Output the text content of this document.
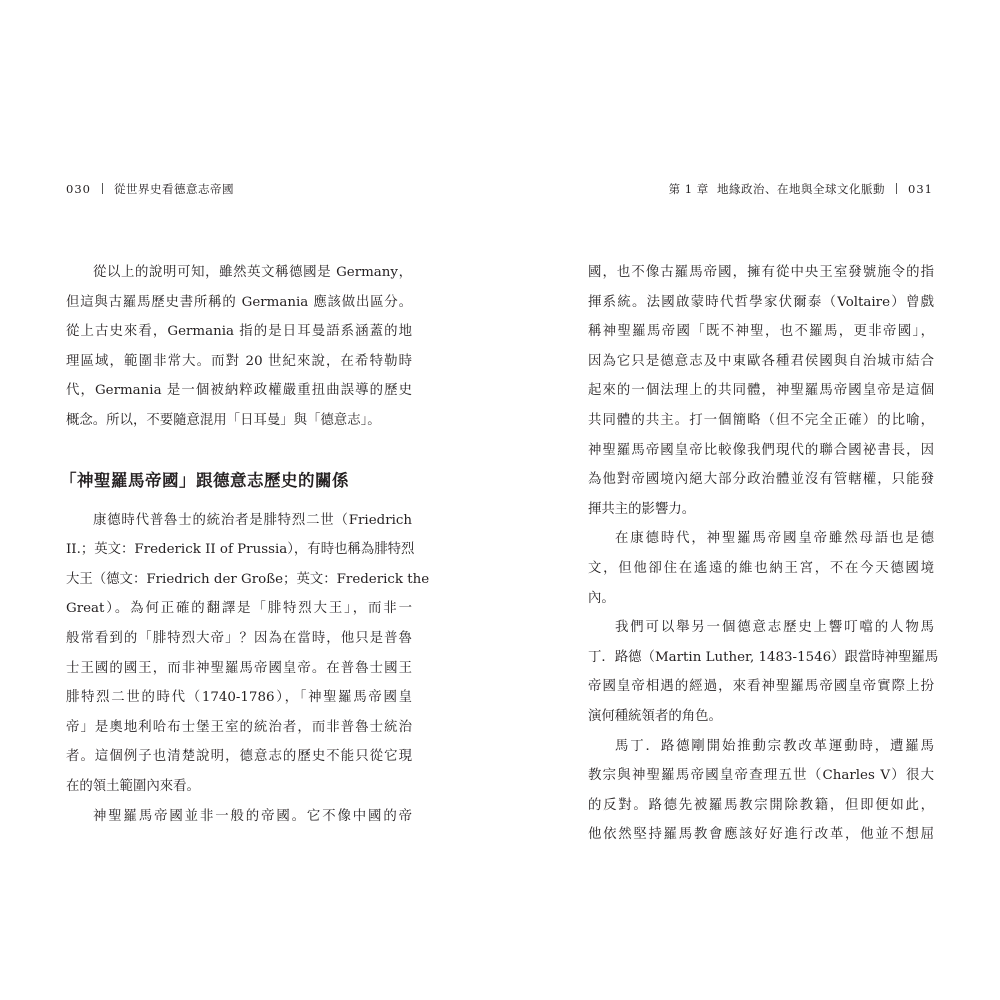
030 從世界史看德意志帝國
從以上的說明可知，雖然英文稱德國是 Germany，
但這與古羅馬歷史書所稱的 Germania 應該做出區分。
從上古史來看，Germania 指的是日耳曼語系涵蓋的地
理區域，範圍非常大。而對 20 世紀來說，在希特勒時
代，Germania 是一個被納粹政權嚴重扭曲誤導的歷史
概念。所以，不要隨意混用「日耳曼」與「德意志」。
「神聖羅馬帝國」跟德意志歷史的關係
康德時代普魯士的統治者是腓特烈二世（Friedrich
II.；英文：Frederick II of Prussia），有時也稱為腓特烈
大王（德文：Friedrich der Große；英文：Frederick the
Great）。為何正確的翻譯是「腓特烈大王」，而非一
般常看到的「腓特烈大帝」？因為在當時，他只是普魯
士王國的國王，而非神聖羅馬帝國皇帝。在普魯士國王
腓特烈二世的時代（1740-1786），「神聖羅馬帝國皇
帝」是奧地利哈布士堡王室的統治者，而非普魯士統治
者。這個例子也清楚說明，德意志的歷史不能只從它現
在的領土範圍內來看。
神聖羅馬帝國並非一般的帝國。它不像中國的帝
第 1 章 地緣政治、在地與全球文化脈動 031
國，也不像古羅馬帝國，擁有從中央王室發號施令的指
揮系統。法國啟蒙時代哲學家伏爾泰（Voltaire）曾戲
稱神聖羅馬帝國「既不神聖，也不羅馬，更非帝國」，
因為它只是德意志及中東歐各種君侯國與自治城市結合
起來的一個法理上的共同體，神聖羅馬帝國皇帝是這個
共同體的共主。打一個簡略（但不完全正確）的比喻，
神聖羅馬帝國皇帝比較像我們現代的聯合國祕書長，因
為他對帝國境內絕大部分政治體並沒有管轄權，只能發
揮共主的影響力。
在康德時代，神聖羅馬帝國皇帝雖然母語也是德
文，但他卻住在遙遠的維也納王宮，不在今天德國境
內。
我們可以舉另一個德意志歷史上響叮噹的人物馬
丁．路德（Martin Luther, 1483-1546）跟當時神聖羅馬
帝國皇帝相遇的經過，來看神聖羅馬帝國皇帝實際上扮
演何種統領者的角色。
馬丁．路德剛開始推動宗教改革運動時，遭羅馬
教宗與神聖羅馬帝國皇帝查理五世（Charles V）很大
的反對。路德先被羅馬教宗開除教籍，但即便如此，
他依然堅持羅馬教會應該好好進行改革，他並不想屈
